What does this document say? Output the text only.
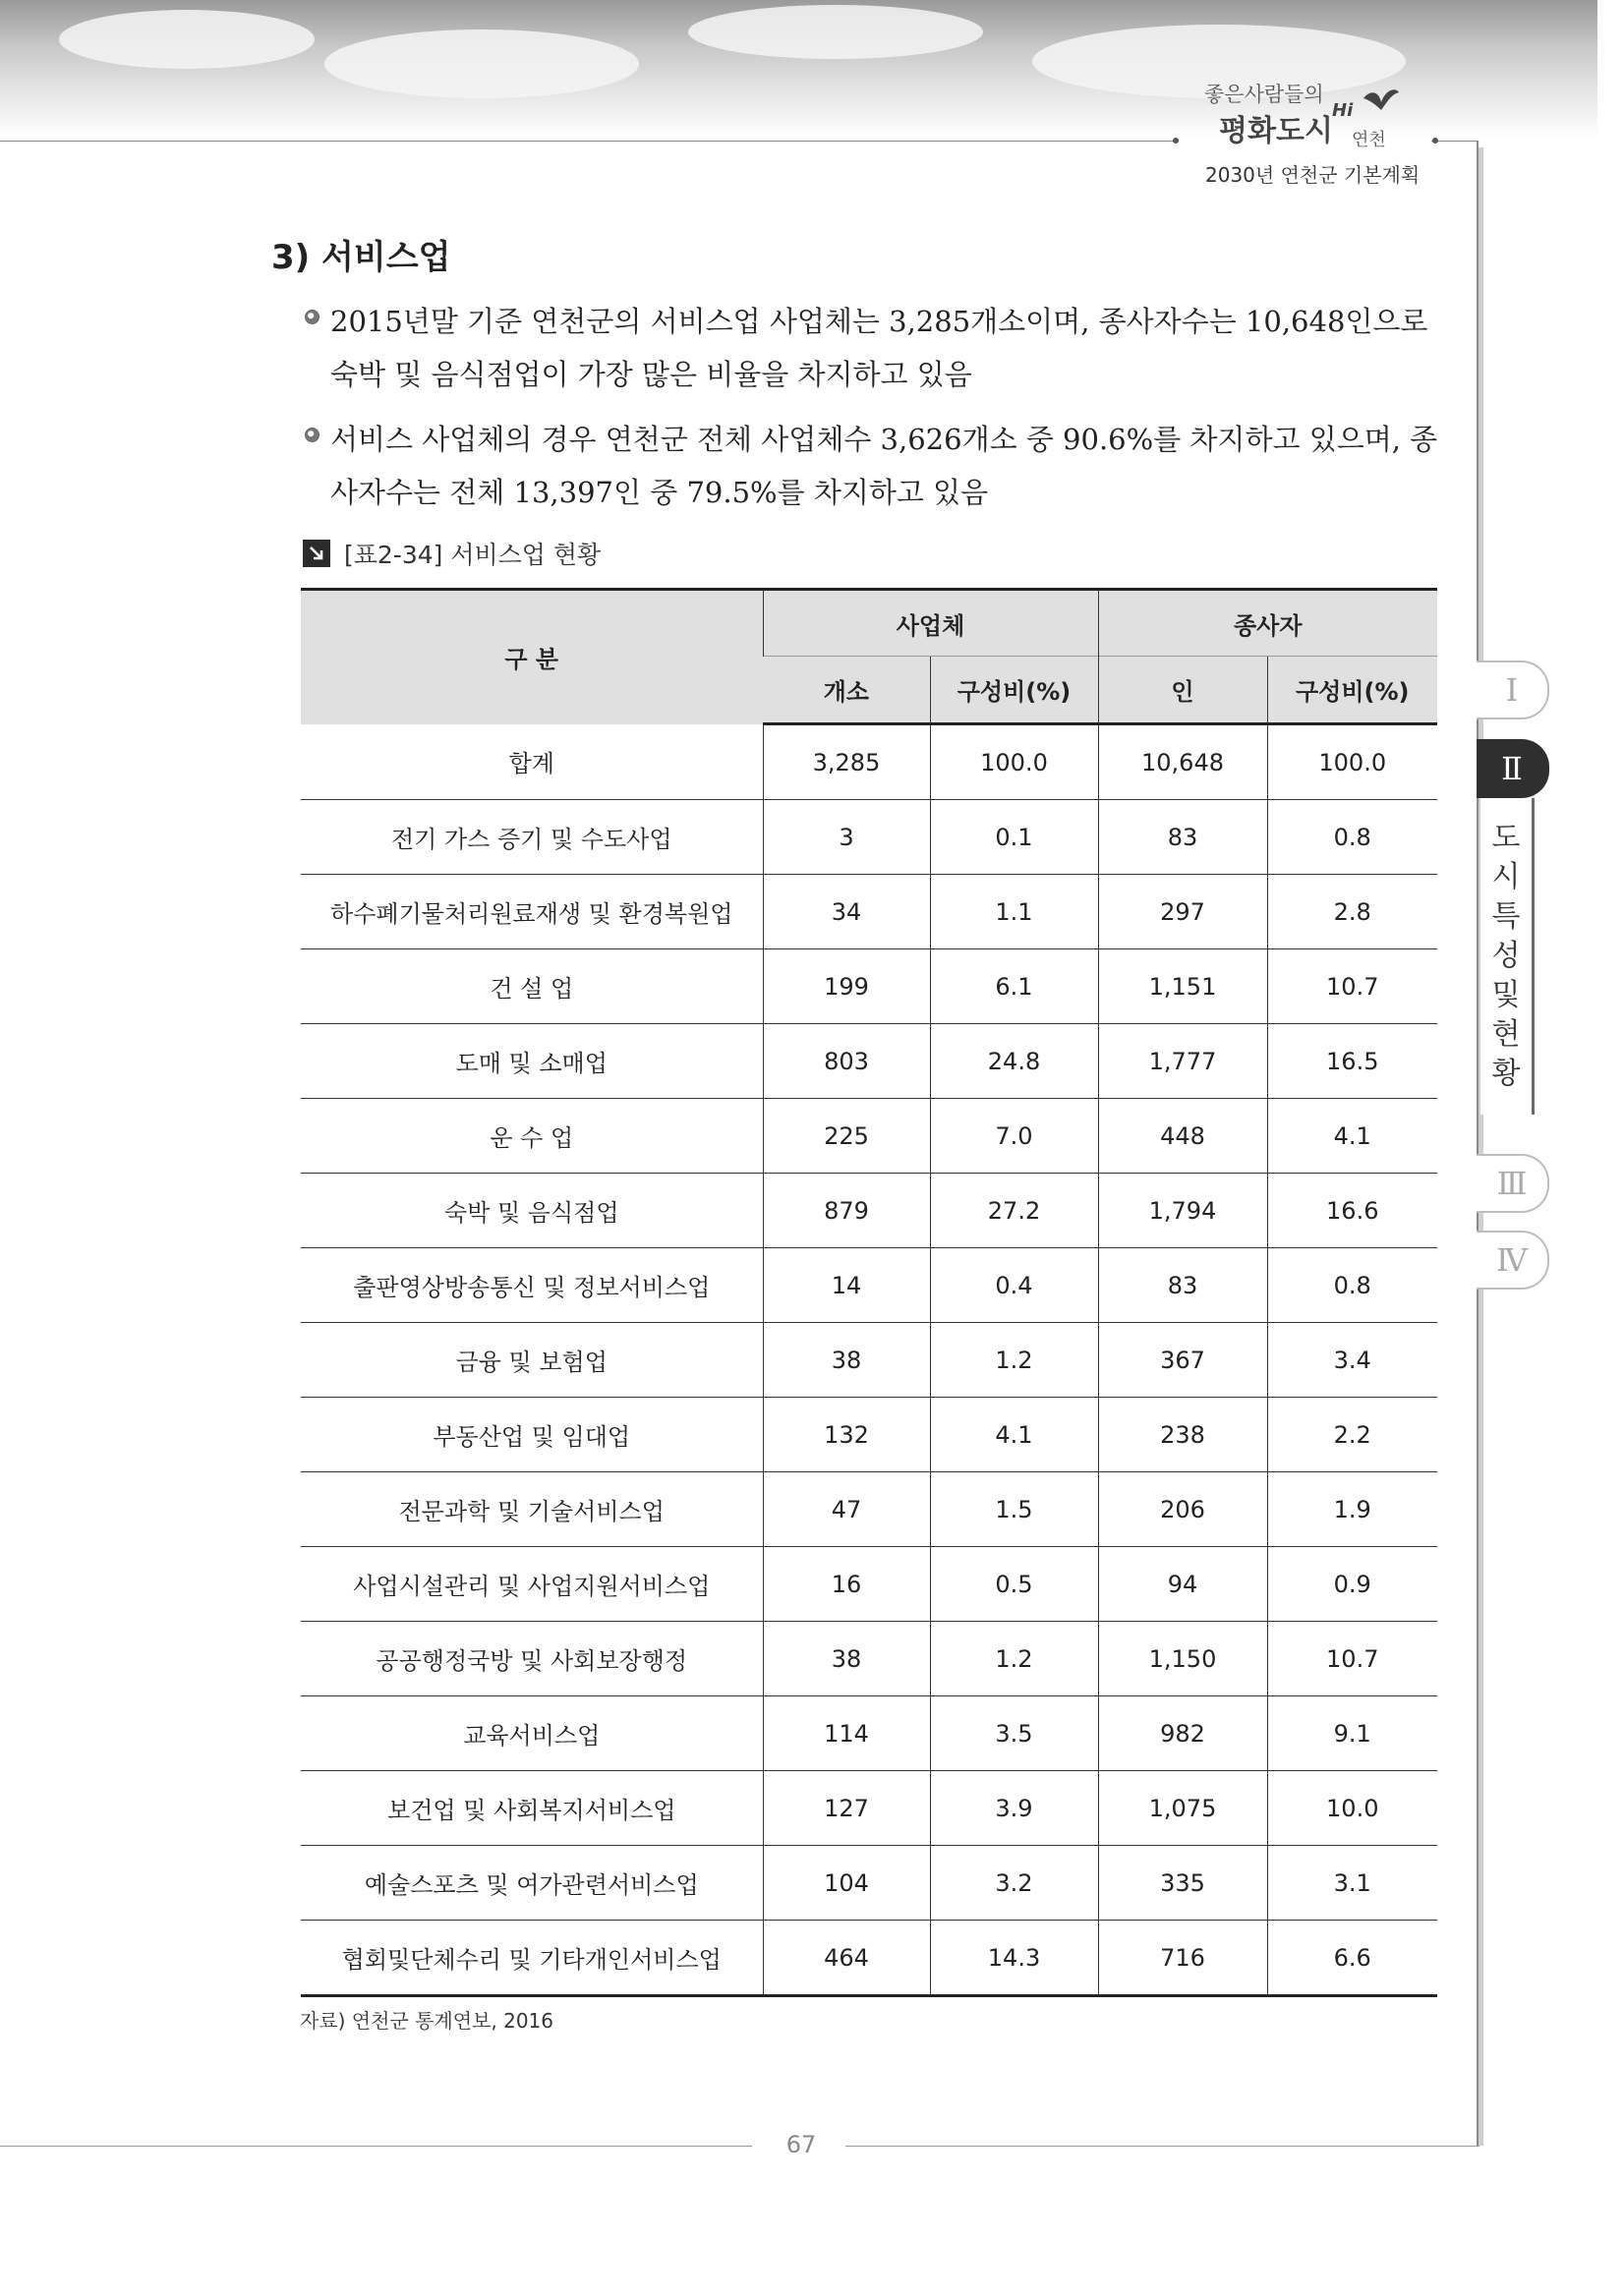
좋은사람들의
평화도시
Hi
연천
2030년 연천군 기본계획
3) 서비스업
2015년말 기준 연천군의 서비스업 사업체는 3,285개소이며, 종사자수는 10,648인으로 숙박 및 음식점업이 가장 많은 비율을 차지하고 있음
서비스 사업체의 경우 연천군 전체 사업체수 3,626개소 중 90.6%를 차지하고 있으며, 종사자수는 전체 13,397인 중 79.5%를 차지하고 있음
[표2-34] 서비스업 현황
구 분	사업체		종사자	
	개소	구성비(%)	인	구성비(%)
합계	3,285	100.0	10,648	100.0
전기 가스 증기 및 수도사업	3	0.1	83	0.8
하수폐기물처리원료재생 및 환경복원업	34	1.1	297	2.8
건 설 업	199	6.1	1,151	10.7
도매 및 소매업	803	24.8	1,777	16.5
운 수 업	225	7.0	448	4.1
숙박 및 음식점업	879	27.2	1,794	16.6
출판영상방송통신 및 정보서비스업	14	0.4	83	0.8
금융 및 보험업	38	1.2	367	3.4
부동산업 및 임대업	132	4.1	238	2.2
전문과학 및 기술서비스업	47	1.5	206	1.9
사업시설관리 및 사업지원서비스업	16	0.5	94	0.9
공공행정국방 및 사회보장행정	38	1.2	1,150	10.7
교육서비스업	114	3.5	982	9.1
보건업 및 사회복지서비스업	127	3.9	1,075	10.0
예술스포츠 및 여가관련서비스업	104	3.2	335	3.1
협회및단체수리 및 기타개인서비스업	464	14.3	716	6.6
자료) 연천군 통계연보, 2016
67
Ⅰ
Ⅱ
도
시
특
성
및
현
황
Ⅲ
Ⅳ
